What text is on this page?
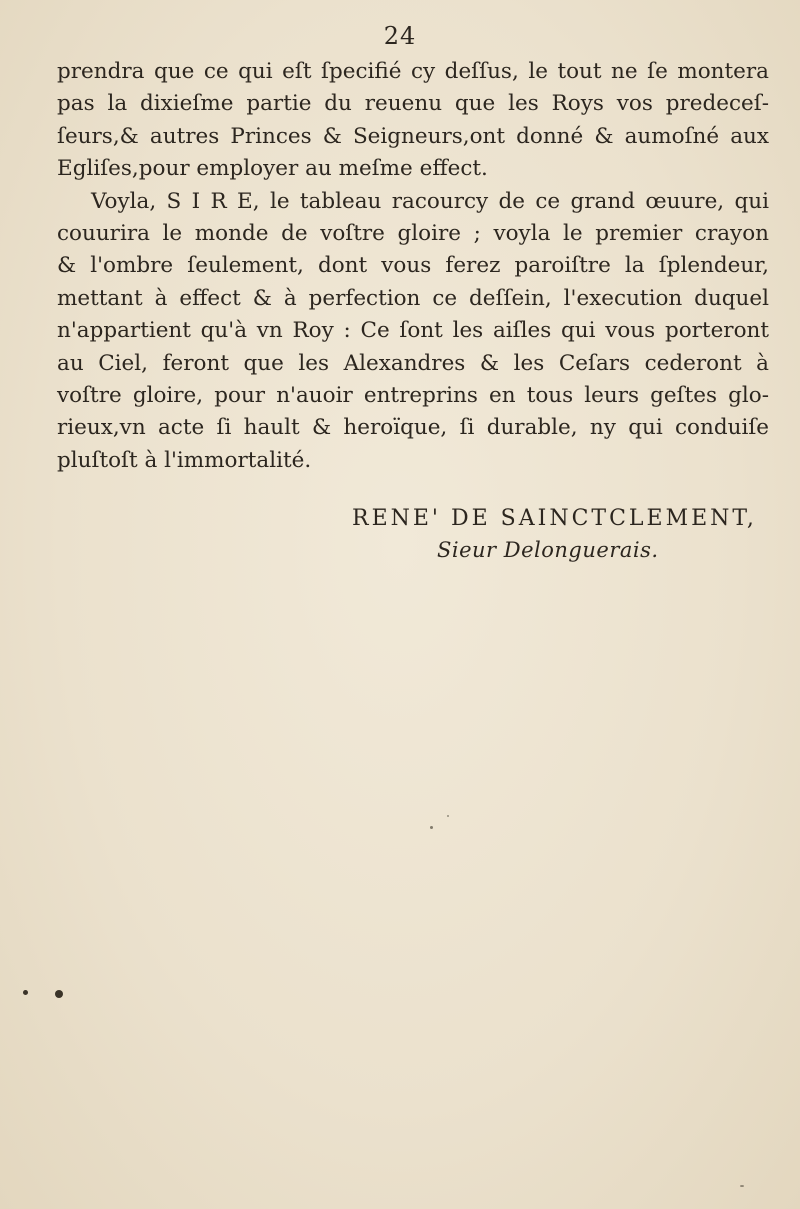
24
prendra que ce qui eſt ſpecifié cy deſſus, le tout ne ſe montera
pas la dixieſme partie du reuenu que les Roys vos predeceſ-
ſeurs,& autres Princes & Seigneurs,ont donné & aumoſné aux
Egliſes,pour employer au meſme effect.
Voyla, S I R E, le tableau racourcy de ce grand œuure, qui
couurira le monde de voſtre gloire ; voyla le premier crayon
& l'ombre ſeulement, dont vous ferez paroiſtre la ſplendeur,
mettant à effect & à perfection ce deſſein, l'execution duquel
n'appartient qu'à vn Roy : Ce ſont les aiſles qui vous porteront
au Ciel, feront que les Alexandres & les Ceſars cederont à
voſtre gloire, pour n'auoir entreprins en tous leurs geſtes glo-
rieux,vn acte ſi hault & heroïque, ſi durable, ny qui conduiſe
pluſtoſt à l'immortalité.
RENE' DE SAINCTCLEMENT,
Sieur Delonguerais.
